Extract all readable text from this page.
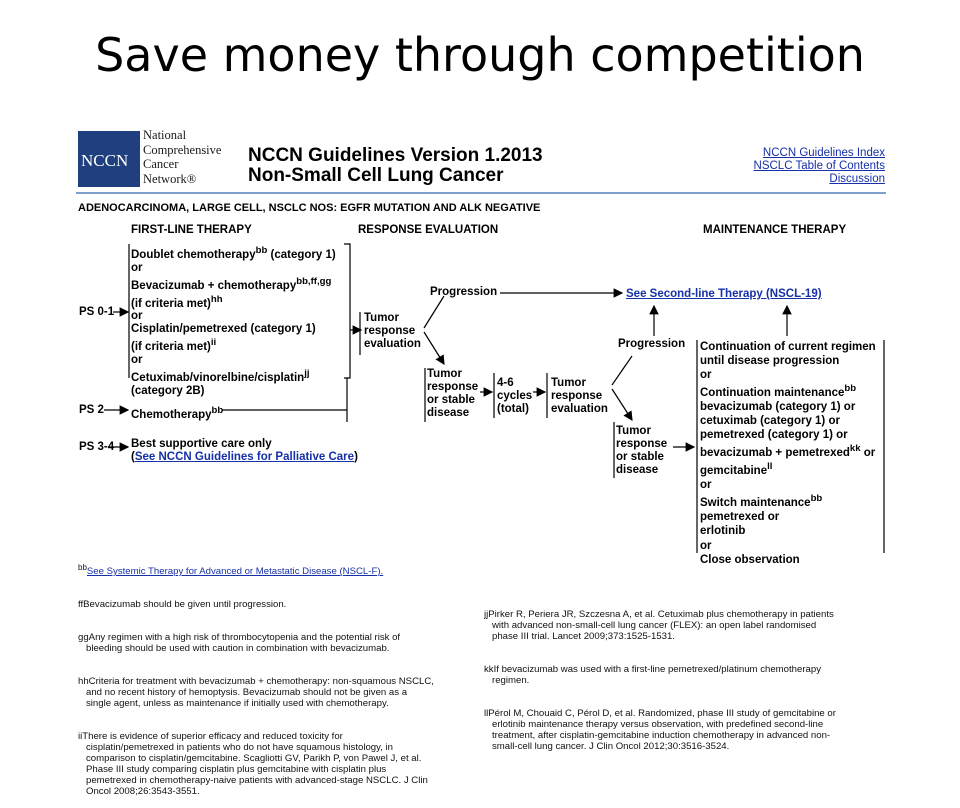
Save money through competition
NCCN
National
Comprehensive
Cancer
Network®
NCCN Guidelines Version 1.2013
Non-Small Cell Lung Cancer
NCCN Guidelines Index
NSCLC Table of Contents
Discussion
ADENOCARCINOMA, LARGE CELL, NSCLC NOS: EGFR MUTATION AND ALK NEGATIVE
FIRST-LINE THERAPY	RESPONSE EVALUATION	MAINTENANCE THERAPY
PS 0-1
PS 2
PS 3-4
Doublet chemotherapy$^{bb}$ (category 1)
or
Bevacizumab + chemotherapy$^{bb,ff,gg}$
(if criteria met)$^{hh}$
or
Cisplatin/pemetrexed (category 1)
(if criteria met)$^{ii}$
or
Cetuximab/vinorelbine/cisplatin$^{jj}$
(category 2B)
Chemotherapy$^{bb}$
Best supportive care only
(See NCCN Guidelines for Palliative Care)
Tumor
response
evaluation
Progression	See Second-line Therapy (NSCL-19)
Tumor
response
or stable
disease
4-6
cycles
(total)
Tumor
response
evaluation
Progression
Tumor
response
or stable
disease
Continuation of current regimen
until disease progression
or
Continuation maintenance$^{bb}$
bevacizumab (category 1) or
cetuximab (category 1) or
pemetrexed (category 1) or
bevacizumab + pemetrexed$^{kk}$ or
gemcitabine$^{ll}$
or
Switch maintenance$^{bb}$
pemetrexed or
erlotinib
or
Close observation

$^{bb}$See Systemic Therapy for Advanced or Metastatic Disease (NSCL-F).

ffBevacizumab should be given until progression.

ggAny regimen with a high risk of thrombocytopenia and the potential risk of
bleeding should be used with caution in combination with bevacizumab.

hhCriteria for treatment with bevacizumab + chemotherapy: non-squamous NSCLC,
and no recent history of hemoptysis. Bevacizumab should not be given as a
single agent, unless as maintenance if initially used with chemotherapy.

iiThere is evidence of superior efficacy and reduced toxicity for
cisplatin/pemetrexed in patients who do not have squamous histology, in
comparison to cisplatin/gemcitabine. Scagliotti GV, Parikh P, von Pawel J, et al.
Phase III study comparing cisplatin plus gemcitabine with cisplatin plus
pemetrexed in chemotherapy-naive patients with advanced-stage NSCLC. J Clin
Oncol 2008;26:3543-3551.

jjPirker R, Periera JR, Szczesna A, et al. Cetuximab plus chemotherapy in patients
with advanced non-small-cell lung cancer (FLEX): an open label randomised
phase III trial. Lancet 2009;373:1525-1531.

kkIf bevacizumab was used with a first-line pemetrexed/platinum chemotherapy
regimen.

llPérol M, Chouaid C, Pérol D, et al. Randomized, phase III study of gemcitabine or
erlotinib maintenance therapy versus observation, with predefined second-line
treatment, after cisplatin-gemcitabine induction chemotherapy in advanced non-
small-cell lung cancer. J Clin Oncol 2012;30:3516-3524.
